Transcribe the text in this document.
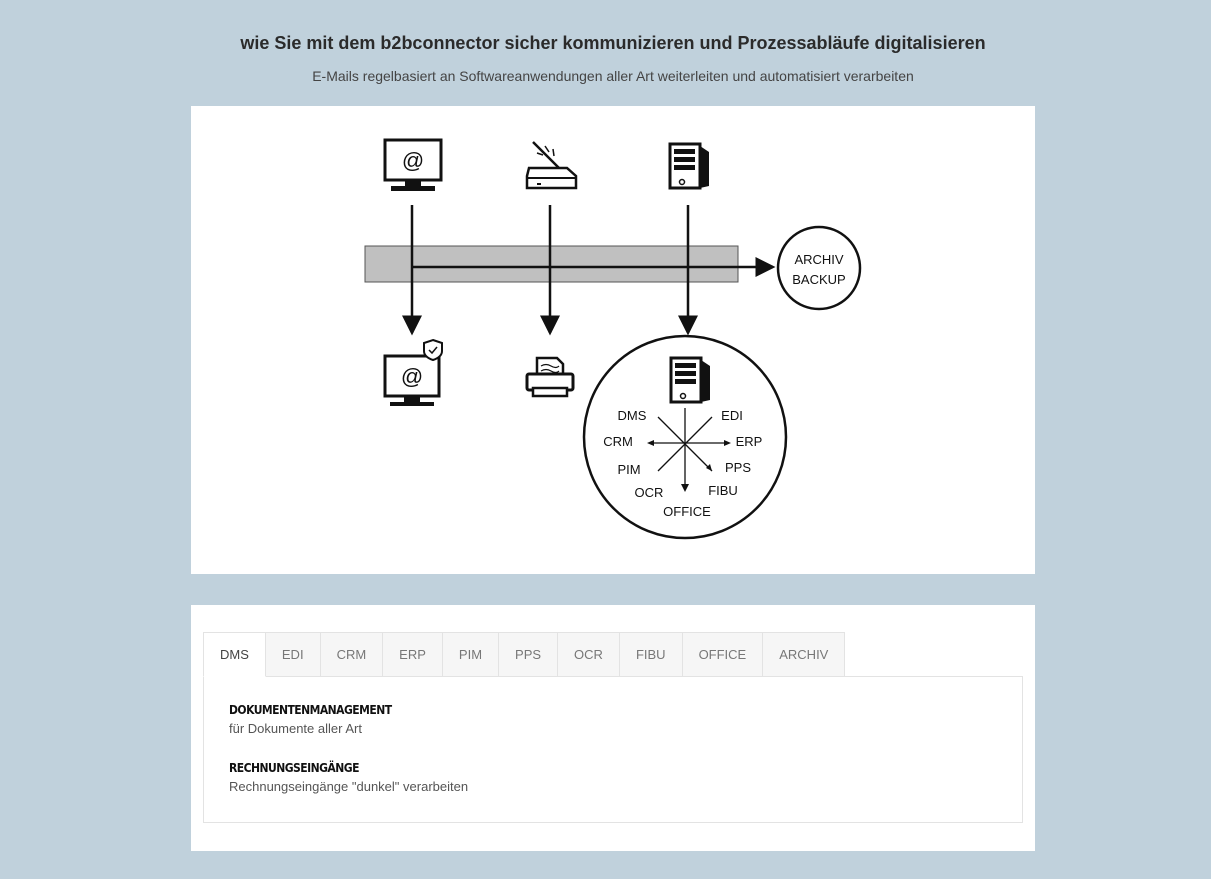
wie Sie mit dem b2bconnector sicher kommunizieren und Prozessabläufe digitalisieren
E-Mails regelbasiert an Softwareanwendungen aller Art weiterleiten und automatisiert verarbeiten
@
@
ARCHIV
BACKUP
DMS	EDI
CRM	ERP
PIM	PPS
OCR	FIBU
OFFICE
DMS	EDI	CRM	ERP	PIM	PPS	OCR	FIBU	OFFICE	ARCHIV
DOKUMENTENMANAGEMENT
für Dokumente aller Art
RECHNUNGSEINGÄNGE
Rechnungseingänge "dunkel" verarbeiten
